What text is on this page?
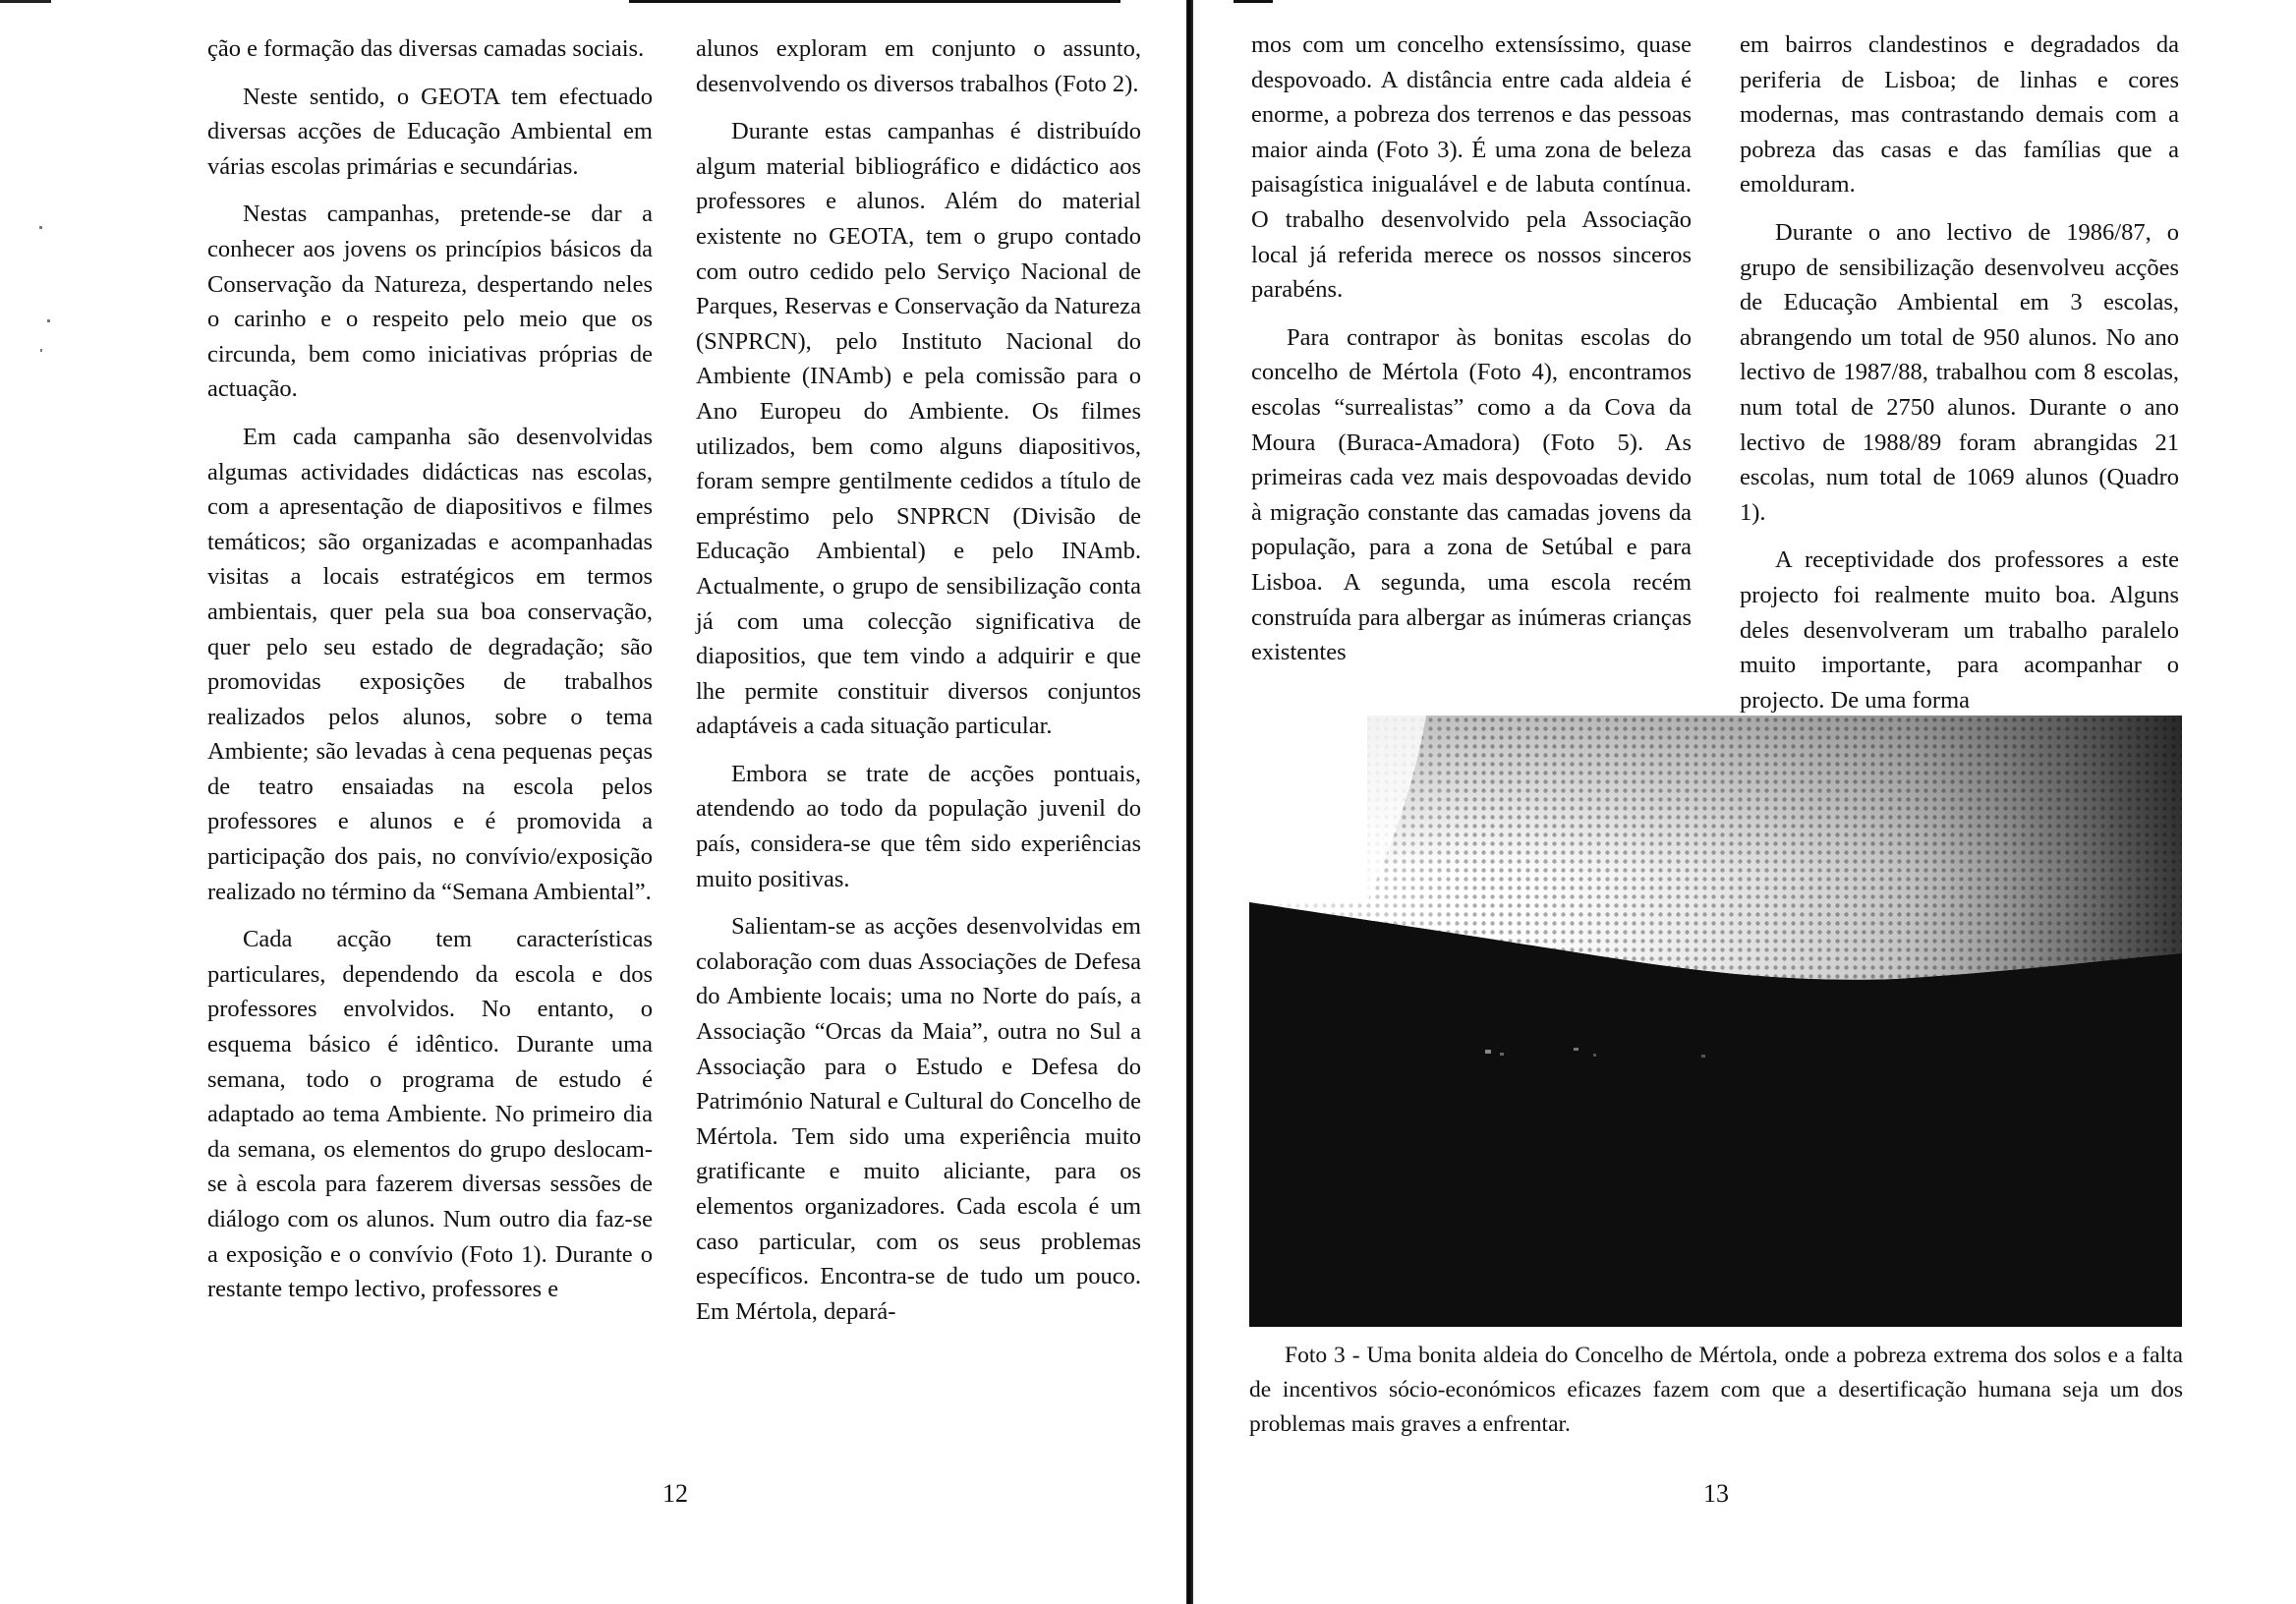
ção e formação das diversas camadas sociais.

Neste sentido, o GEOTA tem efectuado diversas acções de Educação Ambiental em várias escolas primárias e secundárias.

Nestas campanhas, pretende-se dar a conhecer aos jovens os princípios básicos da Conservação da Natureza, despertando neles o carinho e o respeito pelo meio que os circunda, bem como iniciativas próprias de actuação.

Em cada campanha são desenvolvidas algumas actividades didácticas nas escolas, com a apresentação de diapositivos e filmes temáticos; são organizadas e acompanhadas visitas a locais estratégicos em termos ambientais, quer pela sua boa conservação, quer pelo seu estado de degradação; são promovidas exposições de trabalhos realizados pelos alunos, sobre o tema Ambiente; são levadas à cena pequenas peças de teatro ensaiadas na escola pelos professores e alunos e é promovida a participação dos pais, no convívio/exposição realizado no término da “Semana Ambiental”.

Cada acção tem características particulares, dependendo da escola e dos professores envolvidos. No entanto, o esquema básico é idêntico. Durante uma semana, todo o programa de estudo é adaptado ao tema Ambiente. No primeiro dia da semana, os elementos do grupo deslocam-se à escola para fazerem diversas sessões de diálogo com os alunos. Num outro dia faz-se a exposição e o convívio (Foto 1). Durante o restante tempo lectivo, professores e

alunos exploram em conjunto o assunto, desenvolvendo os diversos trabalhos (Foto 2).

Durante estas campanhas é distribuído algum material bibliográfico e didáctico aos professores e alunos. Além do material existente no GEOTA, tem o grupo contado com outro cedido pelo Serviço Nacional de Parques, Reservas e Conservação da Natureza (SNPRCN), pelo Instituto Nacional do Ambiente (INAmb) e pela comissão para o Ano Europeu do Ambiente. Os filmes utilizados, bem como alguns diapositivos, foram sempre gentilmente cedidos a título de empréstimo pelo SNPRCN (Divisão de Educação Ambiental) e pelo INAmb. Actualmente, o grupo de sensibilização conta já com uma colecção significativa de diapositios, que tem vindo a adquirir e que lhe permite constituir diversos conjuntos adaptáveis a cada situação particular.

Embora se trate de acções pontuais, atendendo ao todo da população juvenil do país, considera-se que têm sido experiências muito positivas.

Salientam-se as acções desenvolvidas em colaboração com duas Associações de Defesa do Ambiente locais; uma no Norte do país, a Associação “Orcas da Maia”, outra no Sul a Associação para o Estudo e Defesa do Património Natural e Cultural do Concelho de Mértola. Tem sido uma experiência muito gratificante e muito aliciante, para os elementos organizadores. Cada escola é um caso particular, com os seus problemas específicos. Encontra-se de tudo um pouco. Em Mértola, depará-

12

mos com um concelho extensíssimo, quase despovoado. A distância entre cada aldeia é enorme, a pobreza dos terrenos e das pessoas maior ainda (Foto 3). É uma zona de beleza paisagística inigualável e de labuta contínua. O trabalho desenvolvido pela Associação local já referida merece os nossos sinceros parabéns.

Para contrapor às bonitas escolas do concelho de Mértola (Foto 4), encontramos escolas “surrealistas” como a da Cova da Moura (Buraca-Amadora) (Foto 5). As primeiras cada vez mais despovoadas devido à migração constante das camadas jovens da população, para a zona de Setúbal e para Lisboa. A segunda, uma escola recém construída para albergar as inúmeras crianças existentes

em bairros clandestinos e degradados da periferia de Lisboa; de linhas e cores modernas, mas contrastando demais com a pobreza das casas e das famílias que a emolduram.

Durante o ano lectivo de 1986/87, o grupo de sensibilização desenvolveu acções de Educação Ambiental em 3 escolas, abrangendo um total de 950 alunos. No ano lectivo de 1987/88, trabalhou com 8 escolas, num total de 2750 alunos. Durante o ano lectivo de 1988/89 foram abrangidas 21 escolas, num total de 1069 alunos (Quadro 1).

A receptividade dos professores a este projecto foi realmente muito boa. Alguns deles desenvolveram um trabalho paralelo muito importante, para acompanhar o projecto. De uma forma

Foto 3 - Uma bonita aldeia do Concelho de Mértola, onde a pobreza extrema dos solos e a falta de incentivos sócio-económicos eficazes fazem com que a desertificação humana seja um dos problemas mais graves a enfrentar.

13
